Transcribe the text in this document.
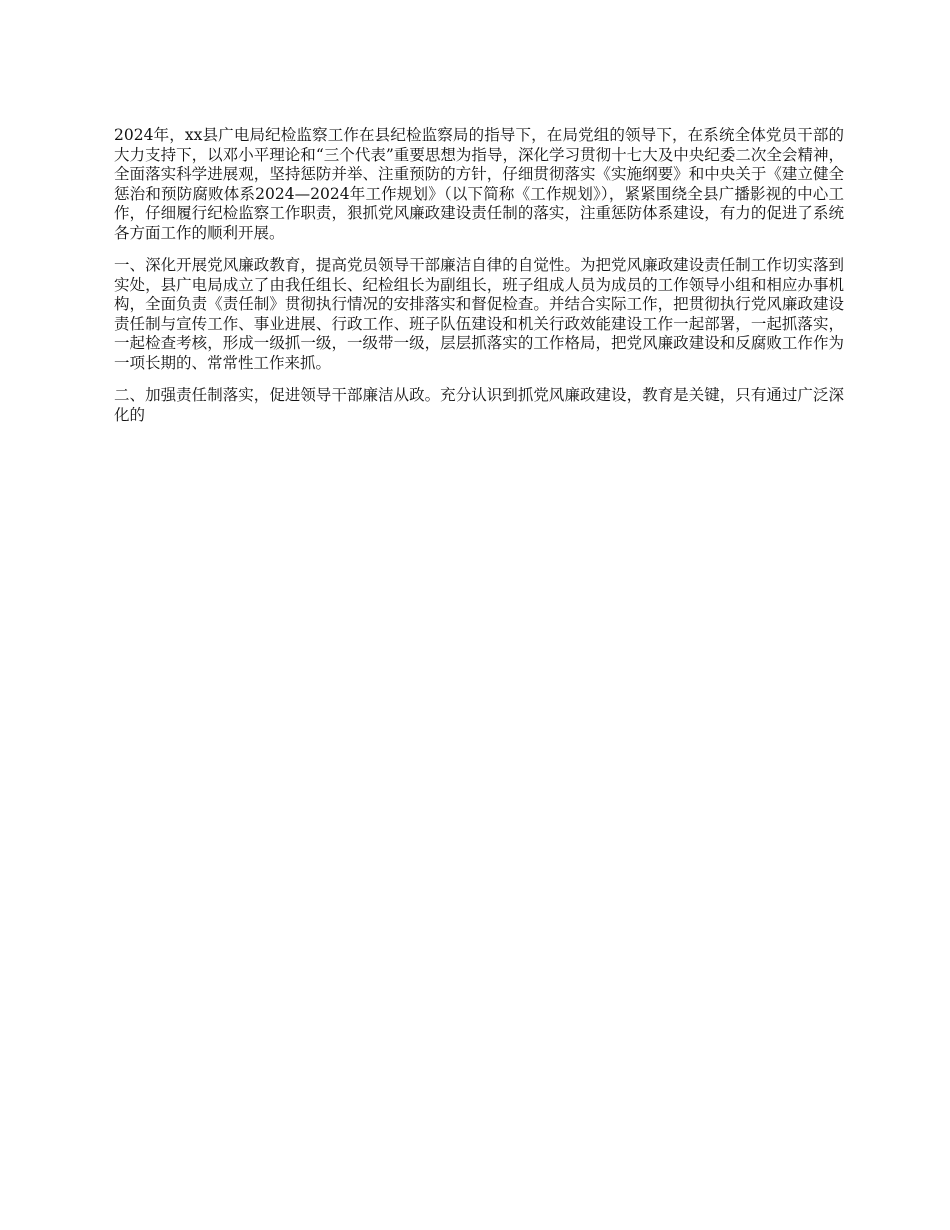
2024年，xx县广电局纪检监察工作在县纪检监察局的指导下，在局党组的领导下，在系统全体党员干部的大力支持下，以邓小平理论和“三个代表”重要思想为指导，深化学习贯彻十七大及中央纪委二次全会精神，全面落实科学进展观，坚持惩防并举、注重预防的方针，仔细贯彻落实《实施纲要》和中央关于《建立健全惩治和预防腐败体系2024—2024年工作规划》（以下简称《工作规划》），紧紧围绕全县广播影视的中心工作，仔细履行纪检监察工作职责，狠抓党风廉政建设责任制的落实，注重惩防体系建设，有力的促进了系统各方面工作的顺利开展。

一、深化开展党风廉政教育，提高党员领导干部廉洁自律的自觉性。为把党风廉政建设责任制工作切实落到实处，县广电局成立了由我任组长、纪检组长为副组长，班子组成人员为成员的工作领导小组和相应办事机构，全面负责《责任制》贯彻执行情况的安排落实和督促检查。并结合实际工作，把贯彻执行党风廉政建设责任制与宣传工作、事业进展、行政工作、班子队伍建设和机关行政效能建设工作一起部署，一起抓落实，一起检查考核，形成一级抓一级，一级带一级，层层抓落实的工作格局，把党风廉政建设和反腐败工作作为一项长期的、常常性工作来抓。

二、加强责任制落实，促进领导干部廉洁从政。充分认识到抓党风廉政建设，教育是关键，只有通过广泛深化的
